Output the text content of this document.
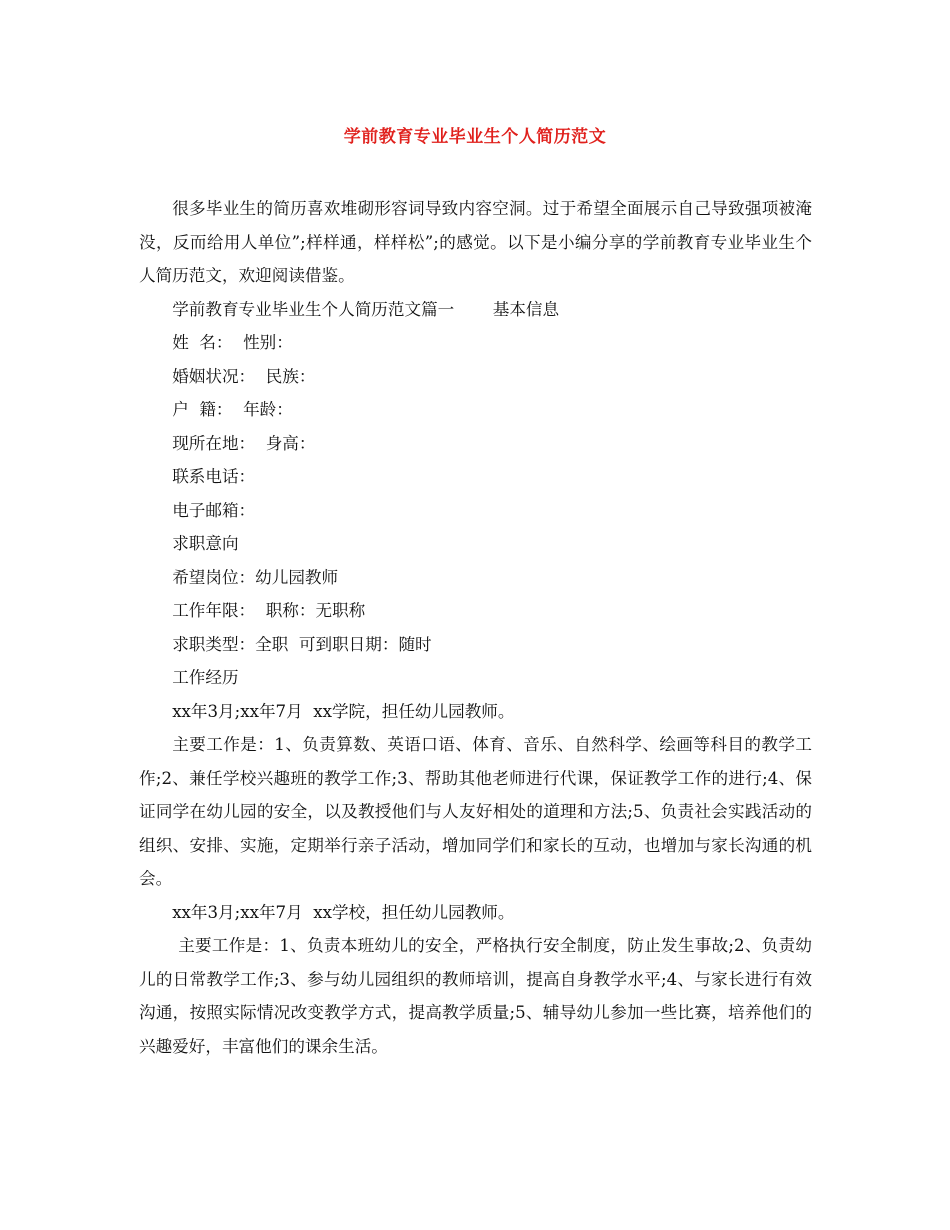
学前教育专业毕业生个人简历范文

很多毕业生的简历喜欢堆砌形容词导致内容空洞。过于希望全面展示自己导致强项被淹没，反而给用人单位”;样样通，样样松”;的感觉。以下是小编分享的学前教育专业毕业生个人简历范文，欢迎阅读借鉴。

学前教育专业毕业生个人简历范文篇一　　 基本信息

姓  名：  性别：

婚姻状况：  民族：

户  籍：  年龄：

现所在地：  身高：

联系电话：

电子邮箱：

求职意向

希望岗位：幼儿园教师

工作年限：  职称：无职称

求职类型：全职  可到职日期：随时

工作经历

xx年3月;xx年7月  xx学院，担任幼儿园教师。

主要工作是：1、负责算数、英语口语、体育、音乐、自然科学、绘画等科目的教学工作;2、兼任学校兴趣班的教学工作;3、帮助其他老师进行代课，保证教学工作的进行;4、保证同学在幼儿园的安全，以及教授他们与人友好相处的道理和方法;5、负责社会实践活动的组织、安排、实施，定期举行亲子活动，增加同学们和家长的互动，也增加与家长沟通的机会。

xx年3月;xx年7月  xx学校，担任幼儿园教师。

主要工作是：1、负责本班幼儿的安全，严格执行安全制度，防止发生事故;2、负责幼儿的日常教学工作;3、参与幼儿园组织的教师培训，提高自身教学水平;4、与家长进行有效沟通，按照实际情况改变教学方式，提高教学质量;5、辅导幼儿参加一些比赛，培养他们的兴趣爱好，丰富他们的课余生活。
